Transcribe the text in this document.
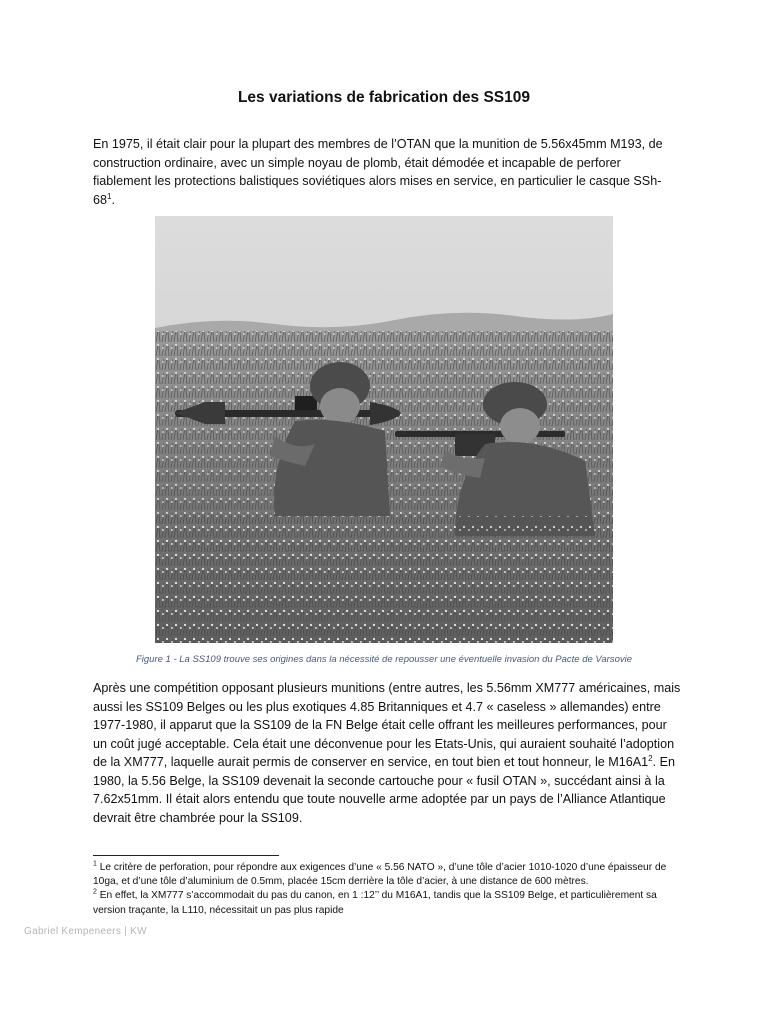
Les variations de fabrication des SS109

En 1975, il était clair pour la plupart des membres de l’OTAN que la munition de 5.56x45mm M193, de construction ordinaire, avec un simple noyau de plomb, était démodée et incapable de perforer fiablement les protections balistiques soviétiques alors mises en service, en particulier le casque SSh-$68^1$.

Figure 1 - La SS109 trouve ses origines dans la nécessité de repousser une éventuelle invasion du Pacte de Varsovie

Après une compétition opposant plusieurs munitions (entre autres, les 5.56mm XM777 américaines, mais aussi les SS109 Belges ou les plus exotiques 4.85 Britanniques et 4.7 « caseless » allemandes) entre 1977-1980, il apparut que la SS109 de la FN Belge était celle offrant les meilleures performances, pour un coût jugé acceptable. Cela était une déconvenue pour les Etats-Unis, qui auraient souhaité l’adoption de la XM777, laquelle aurait permis de conserver en service, en tout bien et tout honneur, le $M16A1^2$. En 1980, la 5.56 Belge, la SS109 devenait la seconde cartouche pour « fusil OTAN », succédant ainsi à la 7.62x51mm. Il était alors entendu que toute nouvelle arme adoptée par un pays de l’Alliance Atlantique devrait être chambrée pour la SS109.

$^1$ Le critère de perforation, pour répondre aux exigences d’une « 5.56 NATO », d’une tôle d’acier 1010-1020 d’une épaisseur de 10ga, et d’une tôle d’aluminium de 0.5mm, placée 15cm derrière la tôle d’acier, à une distance de 600 mètres.

$^2$ En effet, la XM777 s’accommodait du pas du canon, en 1 :12’’ du M16A1, tandis que la SS109 Belge, et particulièrement sa version traçante, la L110, nécessitait un pas plus rapide

Gabriel Kempeneers | KW
